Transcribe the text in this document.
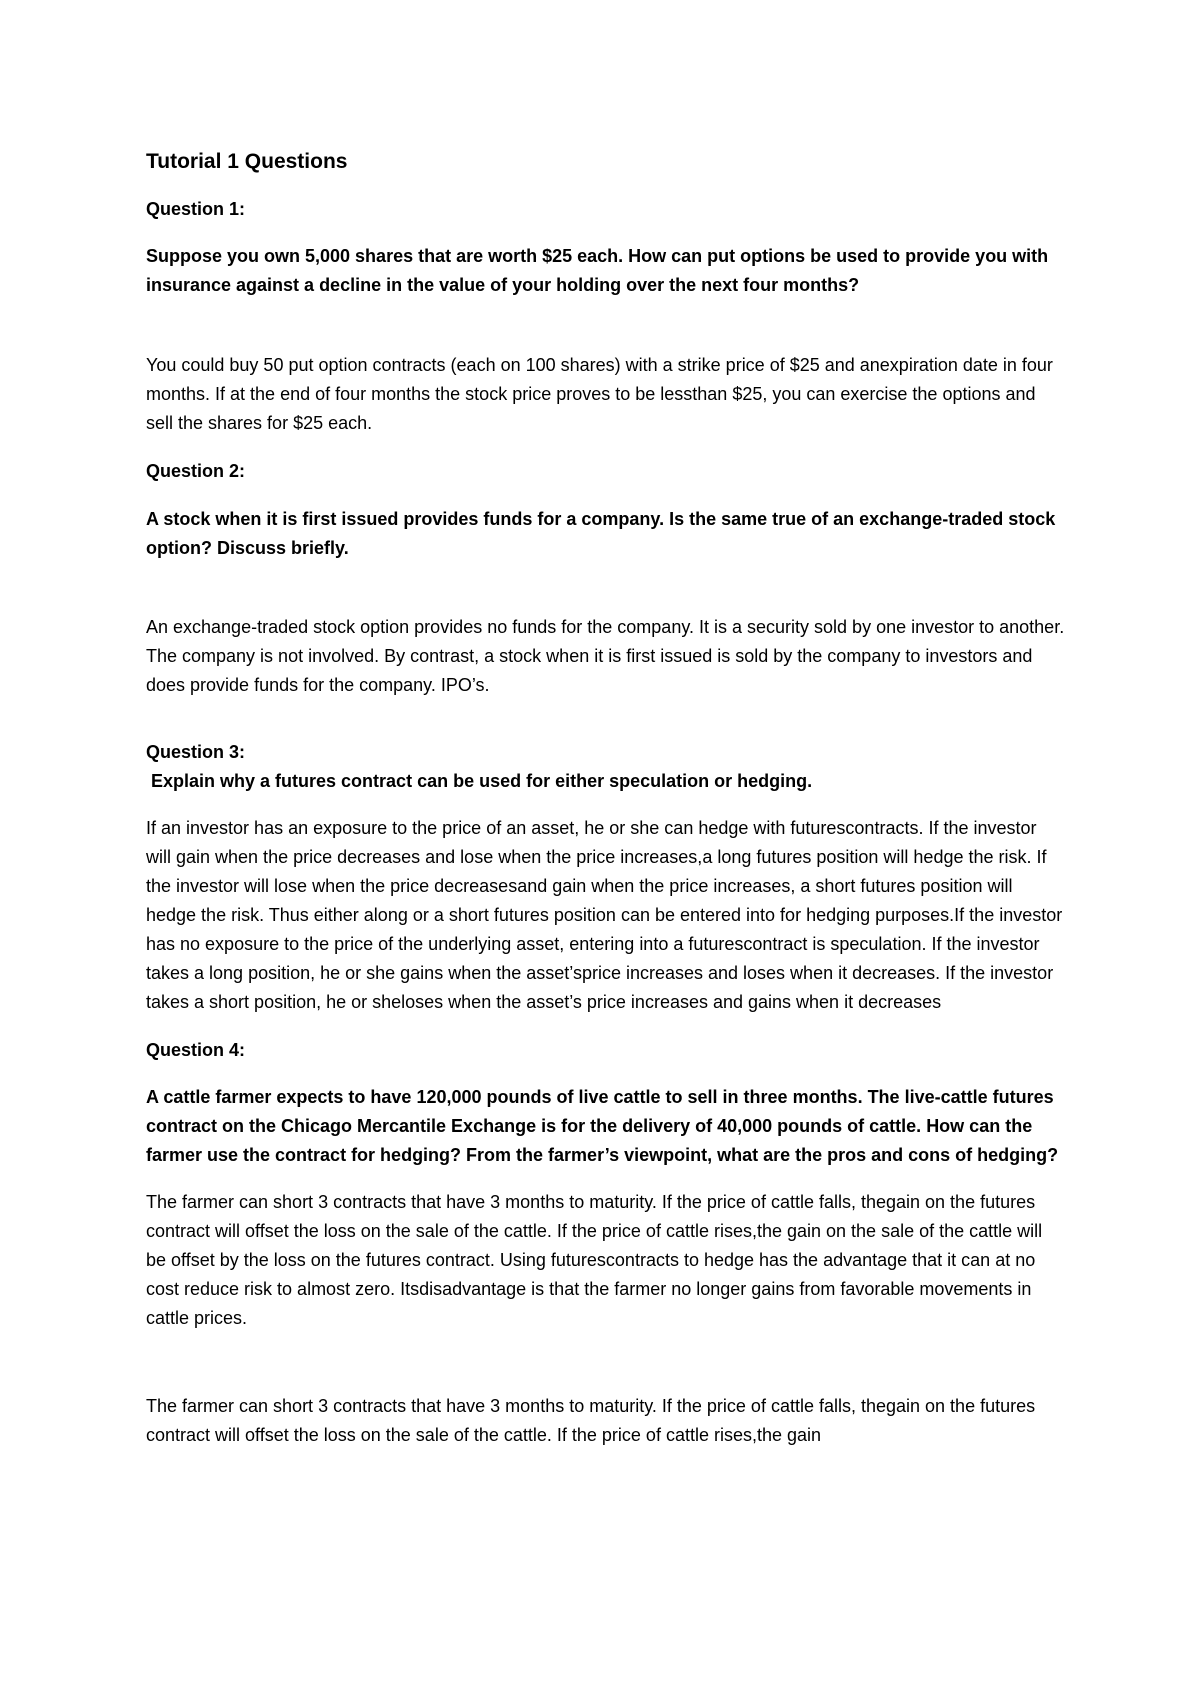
Tutorial 1 Questions
Question 1:
Suppose you own 5,000 shares that are worth $25 each. How can put options be used to provide you with insurance against a decline in the value of your holding over the next four months?
You could buy 50 put option contracts (each on 100 shares) with a strike price of $25 and anexpiration date in four months. If at the end of four months the stock price proves to be lessthan $25, you can exercise the options and sell the shares for $25 each.
Question 2:
A stock when it is first issued provides funds for a company. Is the same true of an exchange-traded stock option? Discuss briefly.
An exchange-traded stock option provides no funds for the company. It is a security sold by one investor to another. The company is not involved. By contrast, a stock when it is first issued is sold by the company to investors and does provide funds for the company. IPO’s.
Question 3:
Explain why a futures contract can be used for either speculation or hedging.
If an investor has an exposure to the price of an asset, he or she can hedge with futurescontracts. If the investor will gain when the price decreases and lose when the price increases,a long futures position will hedge the risk. If the investor will lose when the price decreasesand gain when the price increases, a short futures position will hedge the risk. Thus either along or a short futures position can be entered into for hedging purposes.If the investor has no exposure to the price of the underlying asset, entering into a futurescontract is speculation. If the investor takes a long position, he or she gains when the asset’sprice increases and loses when it decreases. If the investor takes a short position, he or sheloses when the asset’s price increases and gains when it decreases
Question 4:
A cattle farmer expects to have 120,000 pounds of live cattle to sell in three months. The live-cattle futures contract on the Chicago Mercantile Exchange is for the delivery of 40,000 pounds of cattle. How can the farmer use the contract for hedging? From the farmer’s viewpoint, what are the pros and cons of hedging?
The farmer can short 3 contracts that have 3 months to maturity. If the price of cattle falls, thegain on the futures contract will offset the loss on the sale of the cattle. If the price of cattle rises,the gain on the sale of the cattle will be offset by the loss on the futures contract. Using futurescontracts to hedge has the advantage that it can at no cost reduce risk to almost zero. Itsdisadvantage is that the farmer no longer gains from favorable movements in cattle prices.
The farmer can short 3 contracts that have 3 months to maturity. If the price of cattle falls, thegain on the futures contract will offset the loss on the sale of the cattle. If the price of cattle rises,the gain
